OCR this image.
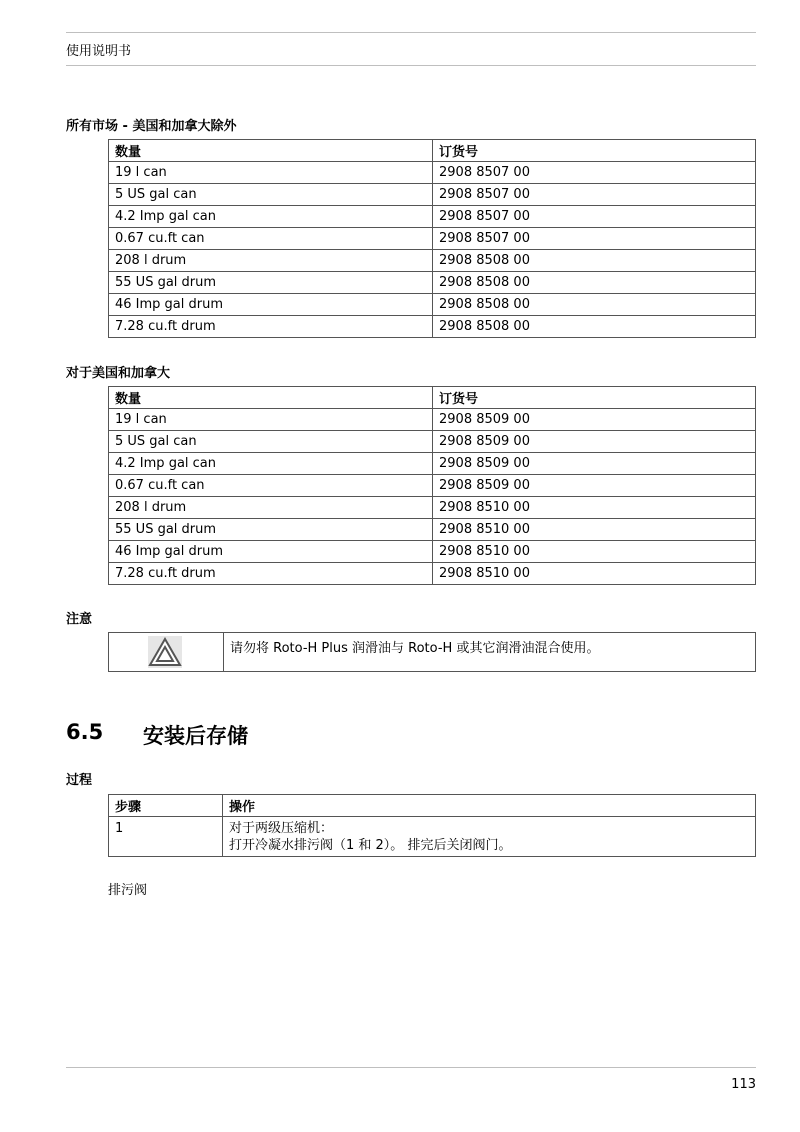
使用说明书
所有市场 - 美国和加拿大除外
数量	订货号
19 l can	2908 8507 00
5 US gal can	2908 8507 00
4.2 Imp gal can	2908 8507 00
0.67 cu.ft can	2908 8507 00
208 l drum	2908 8508 00
55 US gal drum	2908 8508 00
46 Imp gal drum	2908 8508 00
7.28 cu.ft drum	2908 8508 00
对于美国和加拿大
数量	订货号
19 l can	2908 8509 00
5 US gal can	2908 8509 00
4.2 Imp gal can	2908 8509 00
0.67 cu.ft can	2908 8509 00
208 l drum	2908 8510 00
55 US gal drum	2908 8510 00
46 Imp gal drum	2908 8510 00
7.28 cu.ft drum	2908 8510 00
注意
请勿将 Roto-H Plus 润滑油与 Roto-H 或其它润滑油混合使用。
6.5 安装后存储
过程
步骤	操作
1	对于两级压缩机：
打开冷凝水排污阀（1 和 2）。 排完后关闭阀门。
排污阀
113
